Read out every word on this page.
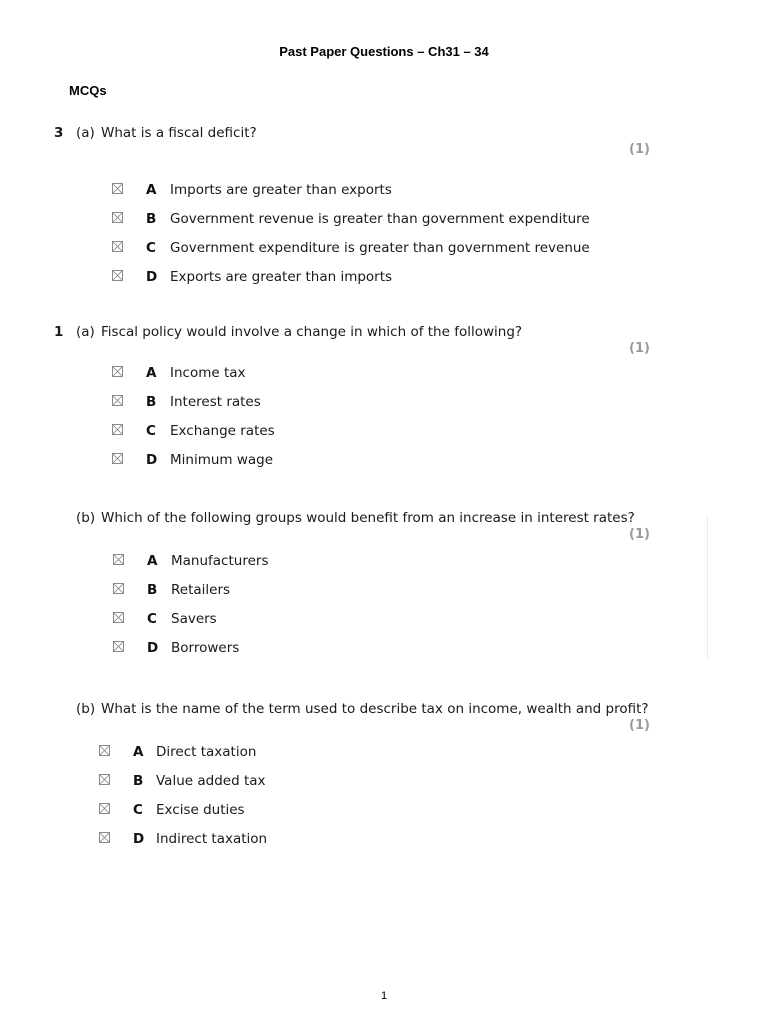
Past Paper Questions – Ch31 – 34
MCQs
3 (a) What is a fiscal deficit?
(1)
A Imports are greater than exports
B Government revenue is greater than government expenditure
C Government expenditure is greater than government revenue
D Exports are greater than imports
1 (a) Fiscal policy would involve a change in which of the following?
(1)
A Income tax
B Interest rates
C Exchange rates
D Minimum wage
(b) Which of the following groups would benefit from an increase in interest rates?
(1)
A Manufacturers
B Retailers
C Savers
D Borrowers
(b) What is the name of the term used to describe tax on income, wealth and profit?
(1)
A Direct taxation
B Value added tax
C Excise duties
D Indirect taxation
1
